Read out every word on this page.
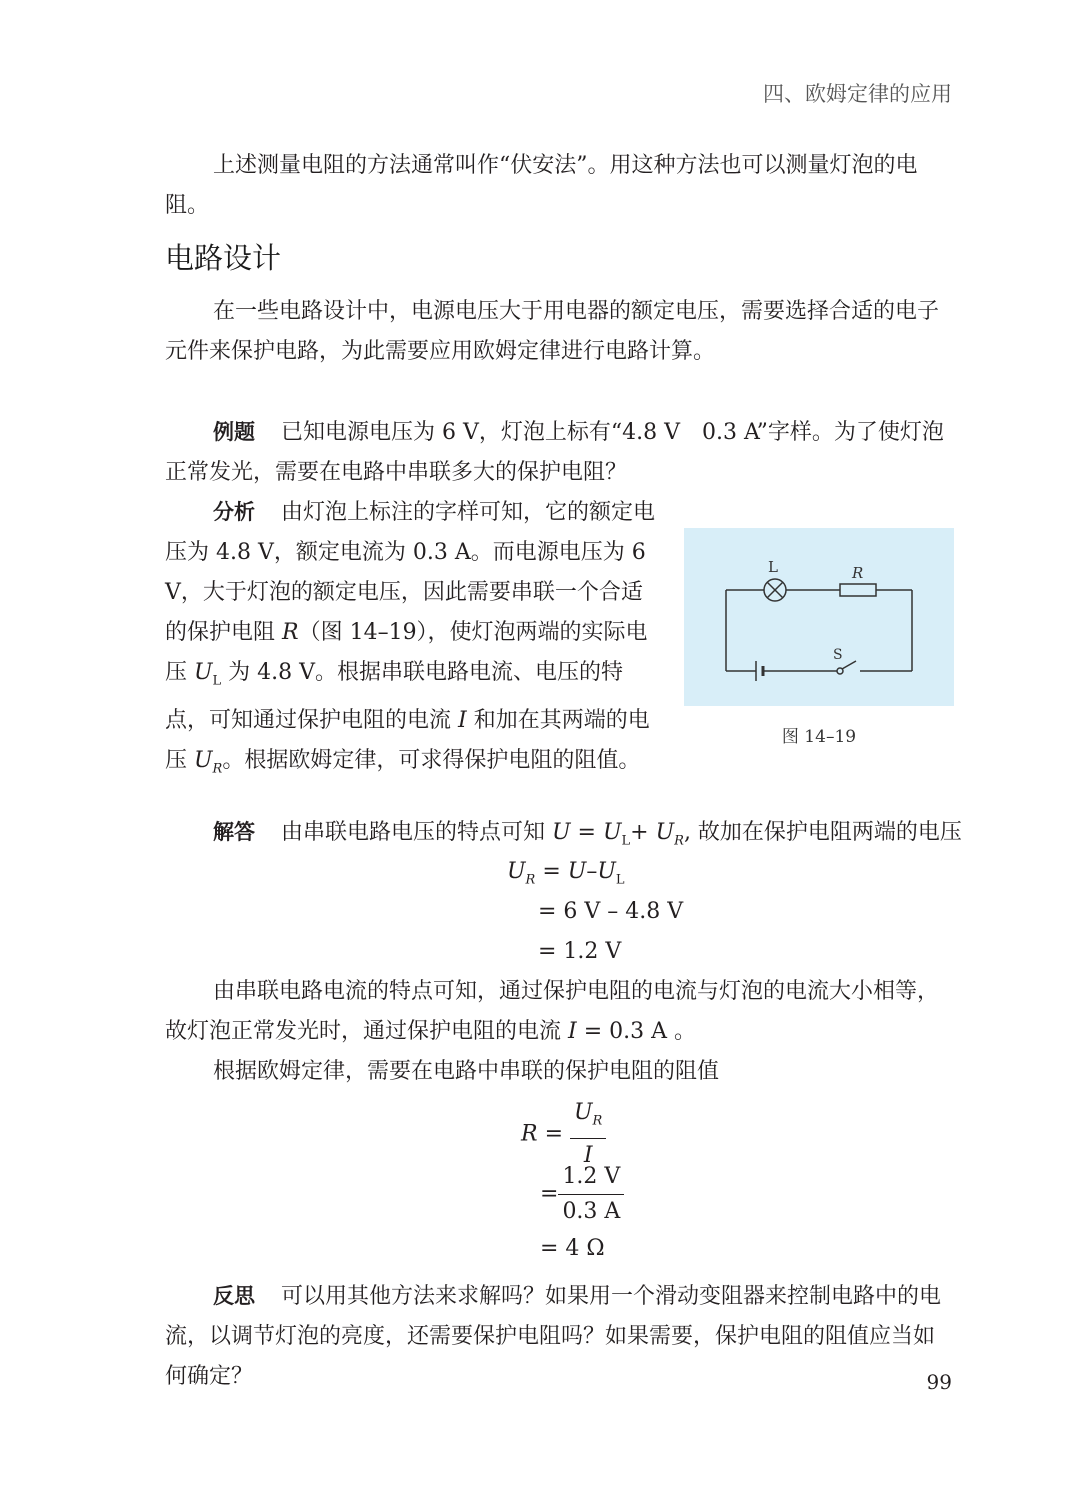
四、欧姆定律的应用

上述测量电阻的方法通常叫作“伏安法”。用这种方法也可以测量灯泡的电阻。

电路设计

在一些电路设计中，电源电压大于用电器的额定电压，需要选择合适的电子元件来保护电路，为此需要应用欧姆定律进行电路计算。

例题 已知电源电压为 6 V，灯泡上标有“4.8 V　0.3 A”字样。为了使灯泡正常发光，需要在电路中串联多大的保护电阻？

分析 由灯泡上标注的字样可知，它的额定电压为 4.8 V，额定电流为 0.3 A。而电源电压为 6 V，大于灯泡的额定电压，因此需要串联一个合适的保护电阻 R（图 14–19），使灯泡两端的实际电压 $U_L$ 为 4.8 V。根据串联电路电流、电压的特点，可知通过保护电阻的电流 I 和加在其两端的电压 $U_R$。根据欧姆定律，可求得保护电阻的阻值。

L	R
S
图 14–19

解答 由串联电路电压的特点可知 $U = U_L+ U_R$, 故加在保护电阻两端的电压

$U_R = U-U_L$
= 6 V – 4.8 V
= 1.2 V

由串联电路电流的特点可知，通过保护电阻的电流与灯泡的电流大小相等，故灯泡正常发光时，通过保护电阻的电流 I = 0.3 A 。

根据欧姆定律，需要在电路中串联的保护电阻的阻值

$R = \frac{U_R}{I}$
= $\frac{1.2 V}{0.3 A}$
= 4 Ω

反思 可以用其他方法来求解吗？如果用一个滑动变阻器来控制电路中的电流，以调节灯泡的亮度，还需要保护电阻吗？如果需要，保护电阻的阻值应当如何确定？	99
